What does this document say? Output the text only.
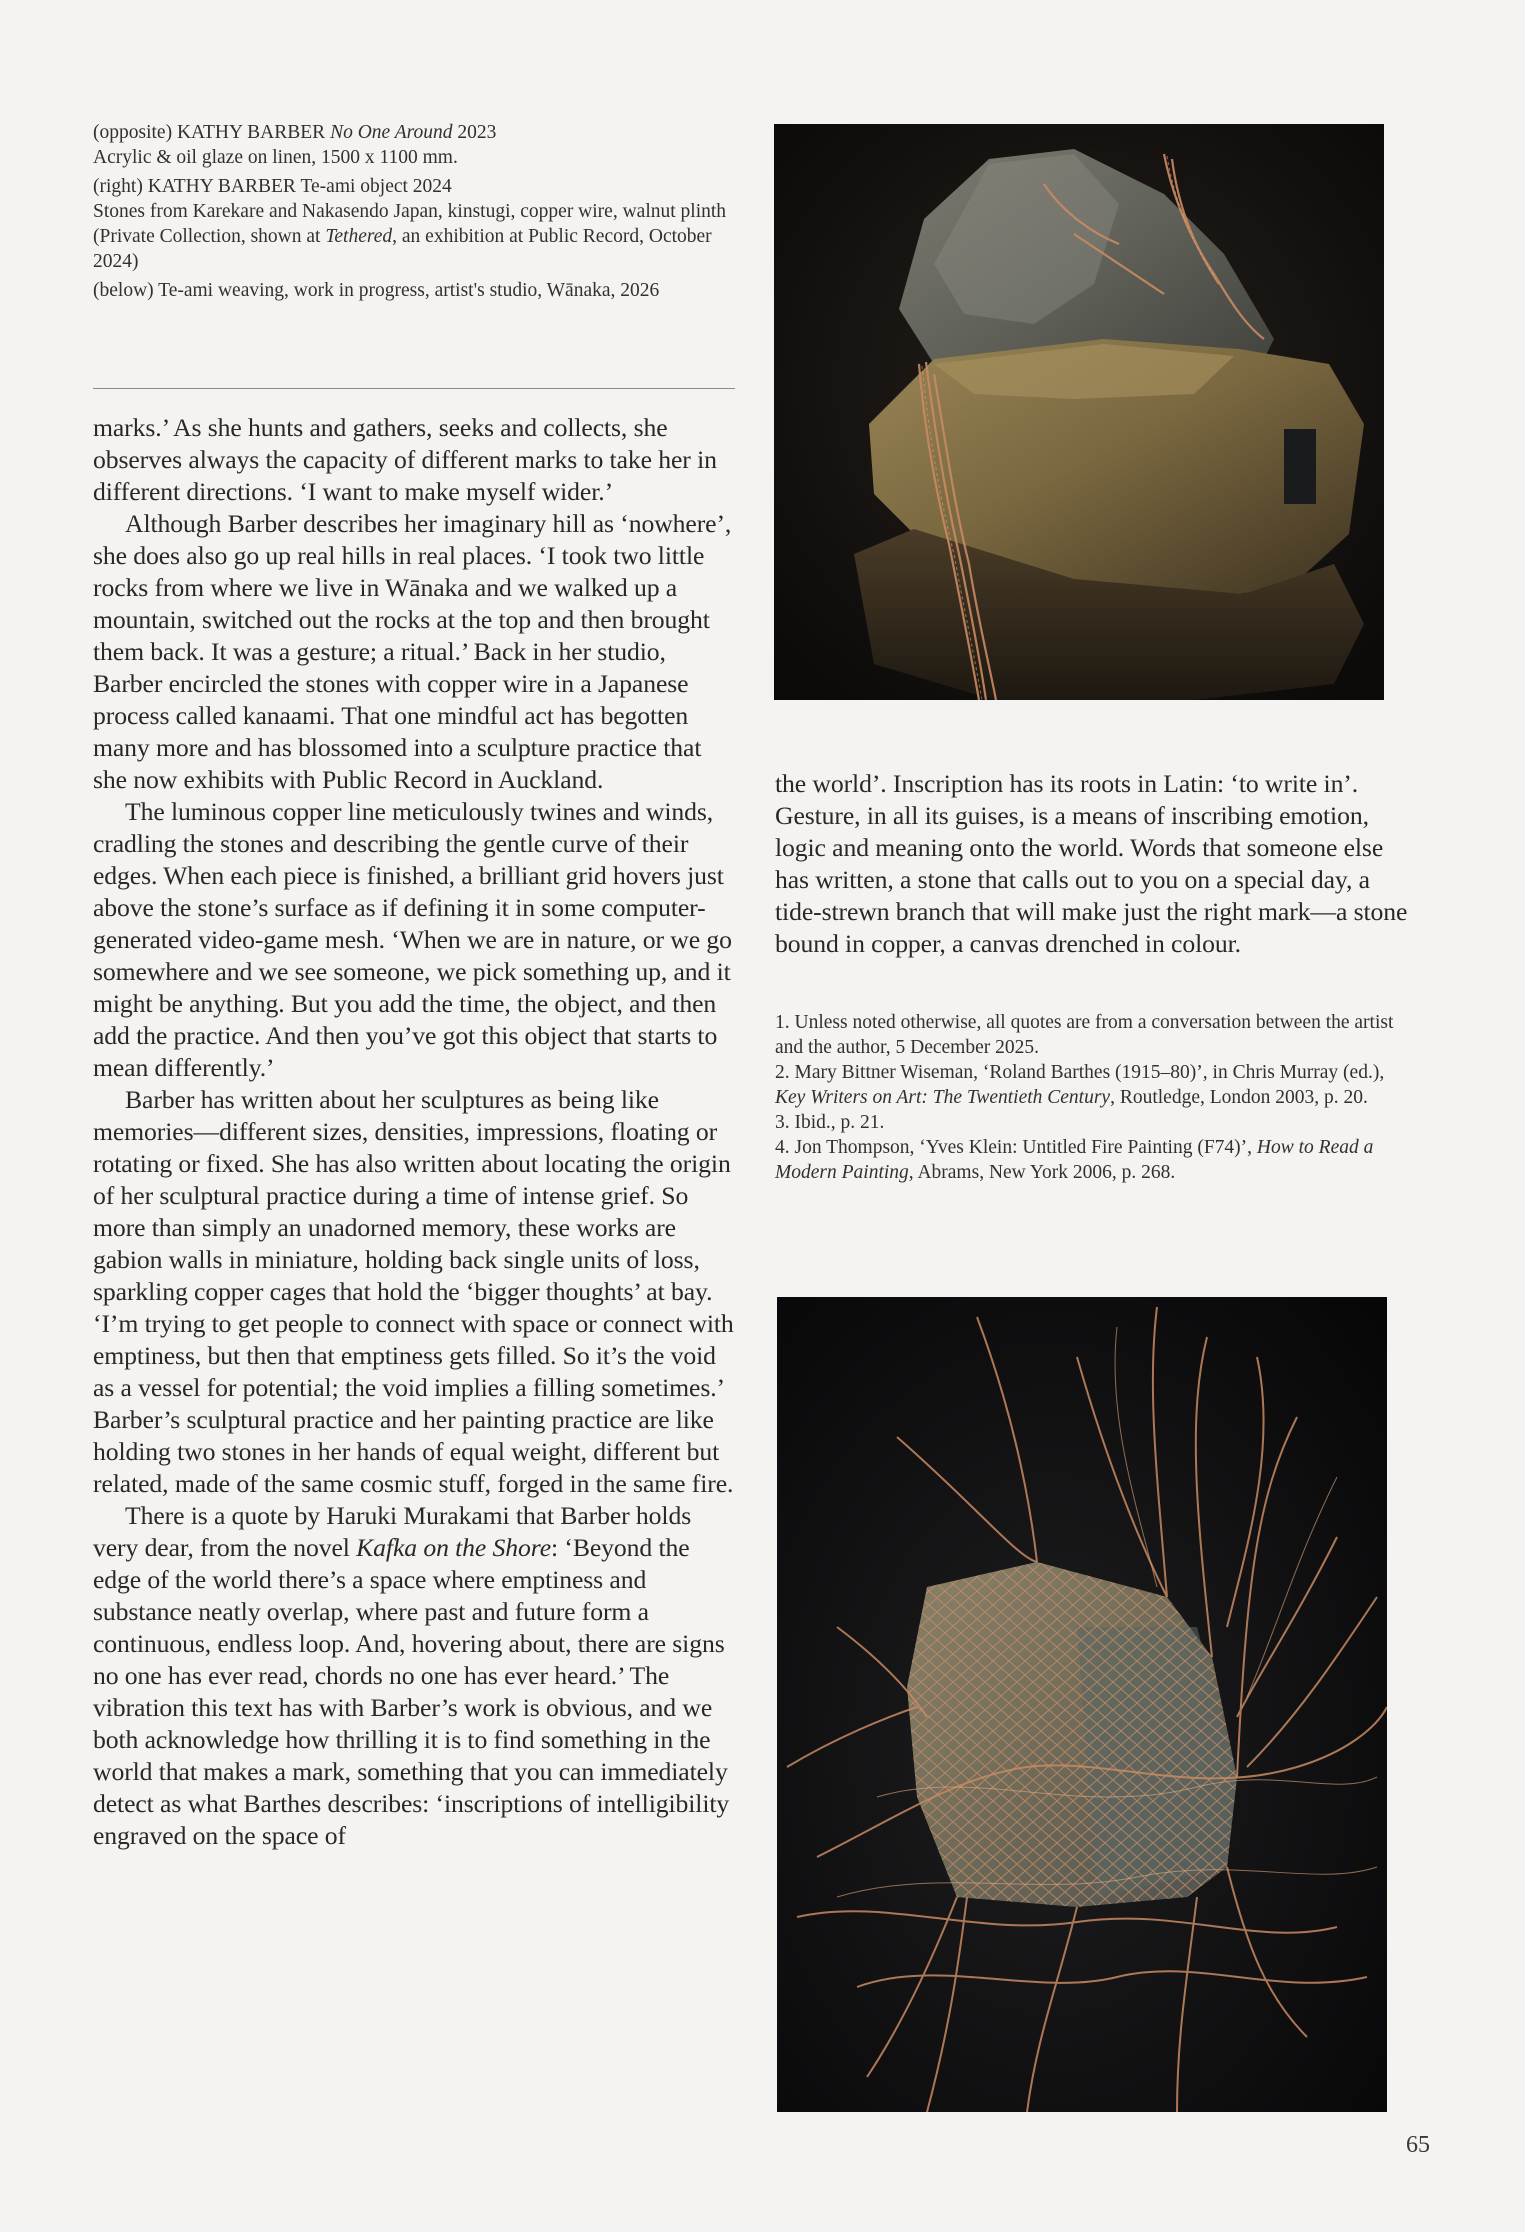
(opposite) KATHY BARBER No One Around 2023
Acrylic & oil glaze on linen, 1500 x 1100 mm.

(right) KATHY BARBER Te-ami object 2024
Stones from Karekare and Nakasendo Japan, kinstugi, copper wire, walnut plinth
(Private Collection, shown at Tethered, an exhibition at Public Record, October 2024)

(below) Te-ami weaving, work in progress, artist's studio, Wānaka, 2026

marks.’ As she hunts and gathers, seeks and collects, she observes always the capacity of different marks to take her in different directions. ‘I want to make myself wider.’

Although Barber describes her imaginary hill as ‘nowhere’, she does also go up real hills in real places. ‘I took two little rocks from where we live in Wānaka and we walked up a mountain, switched out the rocks at the top and then brought them back. It was a gesture; a ritual.’ Back in her studio, Barber encircled the stones with copper wire in a Japanese process called kanaami. That one mindful act has begotten many more and has blossomed into a sculpture practice that she now exhibits with Public Record in Auckland.

The luminous copper line meticulously twines and winds, cradling the stones and describing the gentle curve of their edges. When each piece is finished, a brilliant grid hovers just above the stone’s surface as if defining it in some computer-generated video-game mesh. ‘When we are in nature, or we go somewhere and we see someone, we pick something up, and it might be anything. But you add the time, the object, and then add the practice. And then you’ve got this object that starts to mean differently.’

Barber has written about her sculptures as being like memories—different sizes, densities, impressions, floating or rotating or fixed. She has also written about locating the origin of her sculptural practice during a time of intense grief. So more than simply an unadorned memory, these works are gabion walls in miniature, holding back single units of loss, sparkling copper cages that hold the ‘bigger thoughts’ at bay. ‘I’m trying to get people to connect with space or connect with emptiness, but then that emptiness gets filled. So it’s the void as a vessel for potential; the void implies a filling sometimes.’ Barber’s sculptural practice and her painting practice are like holding two stones in her hands of equal weight, different but related, made of the same cosmic stuff, forged in the same fire.

There is a quote by Haruki Murakami that Barber holds very dear, from the novel Kafka on the Shore: ‘Beyond the edge of the world there’s a space where emptiness and substance neatly overlap, where past and future form a continuous, endless loop. And, hovering about, there are signs no one has ever read, chords no one has ever heard.’ The vibration this text has with Barber’s work is obvious, and we both acknowledge how thrilling it is to find something in the world that makes a mark, something that you can immediately detect as what Barthes describes: ‘inscriptions of intelligibility engraved on the space of

the world’. Inscription has its roots in Latin: ‘to write in’. Gesture, in all its guises, is a means of inscribing emotion, logic and meaning onto the world. Words that someone else has written, a stone that calls out to you on a special day, a tide-strewn branch that will make just the right mark—a stone bound in copper, a canvas drenched in colour.

1. Unless noted otherwise, all quotes are from a conversation between the artist and the author, 5 December 2025.

2. Mary Bittner Wiseman, ‘Roland Barthes (1915–80)’, in Chris Murray (ed.), Key Writers on Art: The Twentieth Century, Routledge, London 2003, p. 20.

3. Ibid., p. 21.

4. Jon Thompson, ‘Yves Klein: Untitled Fire Painting (F74)’, How to Read a Modern Painting, Abrams, New York 2006, p. 268.

65
